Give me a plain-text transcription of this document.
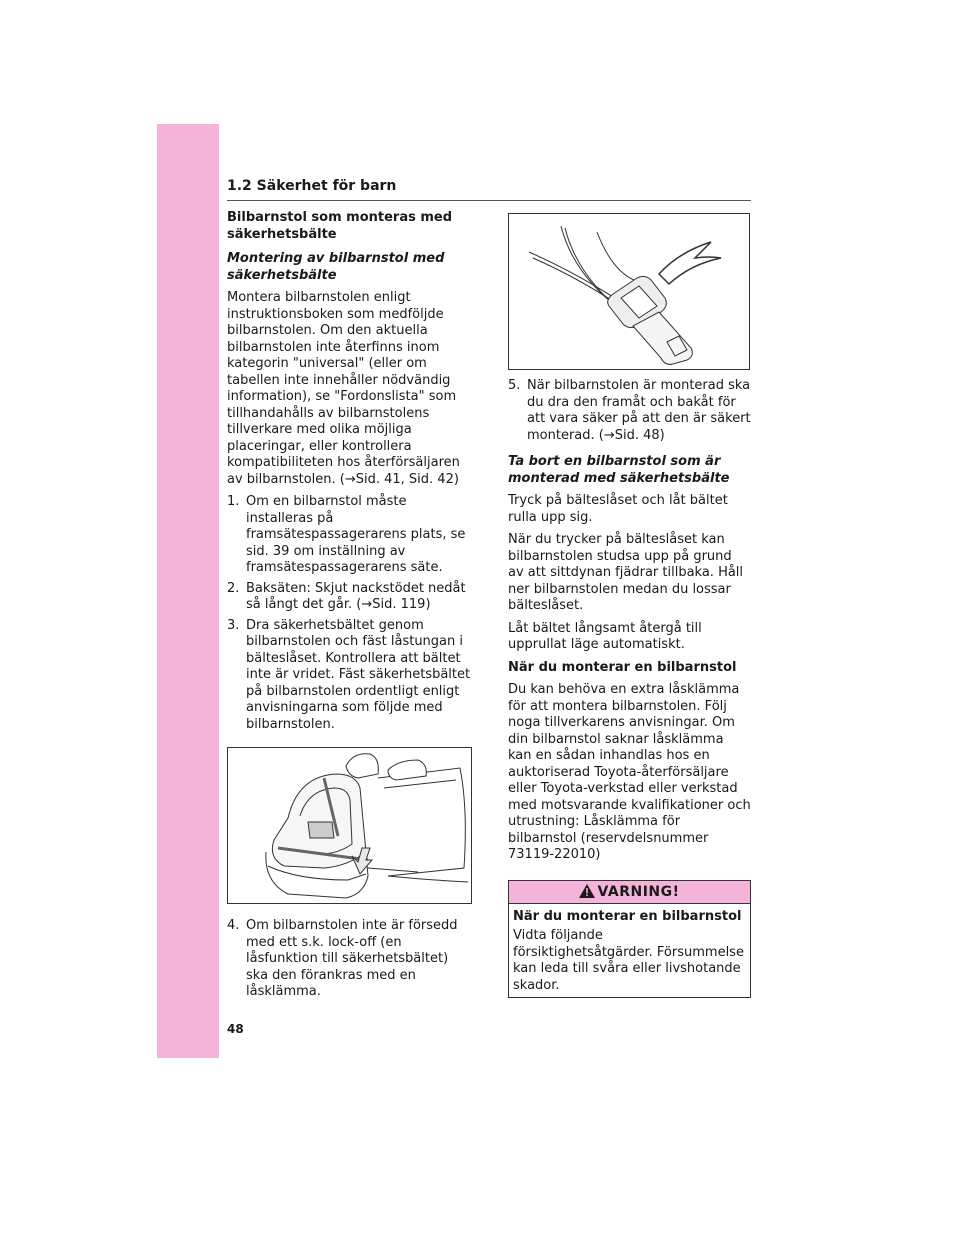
1.2 Säkerhet för barn

Bilbarnstol som monteras med säkerhetsbälte

Montering av bilbarnstol med säkerhetsbälte

Montera bilbarnstolen enligt instruktionsboken som medföljde bilbarnstolen. Om den aktuella bilbarnstolen inte återfinns inom kategorin "universal" (eller om tabellen inte innehåller nödvändig information), se "Fordonslista" som tillhandahålls av bilbarnstolens tillverkare med olika möjliga placeringar, eller kontrollera kompatibiliteten hos återförsäljaren av bilbarnstolen. (→Sid. 41, Sid. 42)

1. Om en bilbarnstol måste installeras på framsätespassagerarens plats, se sid. 39 om inställning av framsätespassagerarens säte.
2. Baksäten: Skjut nackstödet nedåt så långt det går. (→Sid. 119)
3. Dra säkerhetsbältet genom bilbarnstolen och fäst låstungan i bälteslåset. Kontrollera att bältet inte är vridet. Fäst säkerhetsbältet på bilbarnstolen ordentligt enligt anvisningarna som följde med bilbarnstolen.
4. Om bilbarnstolen inte är försedd med ett s.k. lock-off (en låsfunktion till säkerhetsbältet) ska den förankras med en låsklämma.
5. När bilbarnstolen är monterad ska du dra den framåt och bakåt för att vara säker på att den är säkert monterad. (→Sid. 48)

Ta bort en bilbarnstol som är monterad med säkerhetsbälte

Tryck på bälteslåset och låt bältet rulla upp sig.

När du trycker på bälteslåset kan bilbarnstolen studsa upp på grund av att sittdynan fjädrar tillbaka. Håll ner bilbarnstolen medan du lossar bälteslåset.

Låt bältet långsamt återgå till upprullat läge automatiskt.

När du monterar en bilbarnstol

Du kan behöva en extra låsklämma för att montera bilbarnstolen. Följ noga tillverkarens anvisningar. Om din bilbarnstol saknar låsklämma kan en sådan inhandlas hos en auktoriserad Toyota-återförsäljare eller Toyota-verkstad eller verkstad med motsvarande kvalifikationer och utrustning: Låsklämma för bilbarnstol (reservdelsnummer 73119-22010)

VARNING!

När du monterar en bilbarnstol

Vidta följande försiktighetsåtgärder. Försummelse kan leda till svåra eller livshotande skador.

48
